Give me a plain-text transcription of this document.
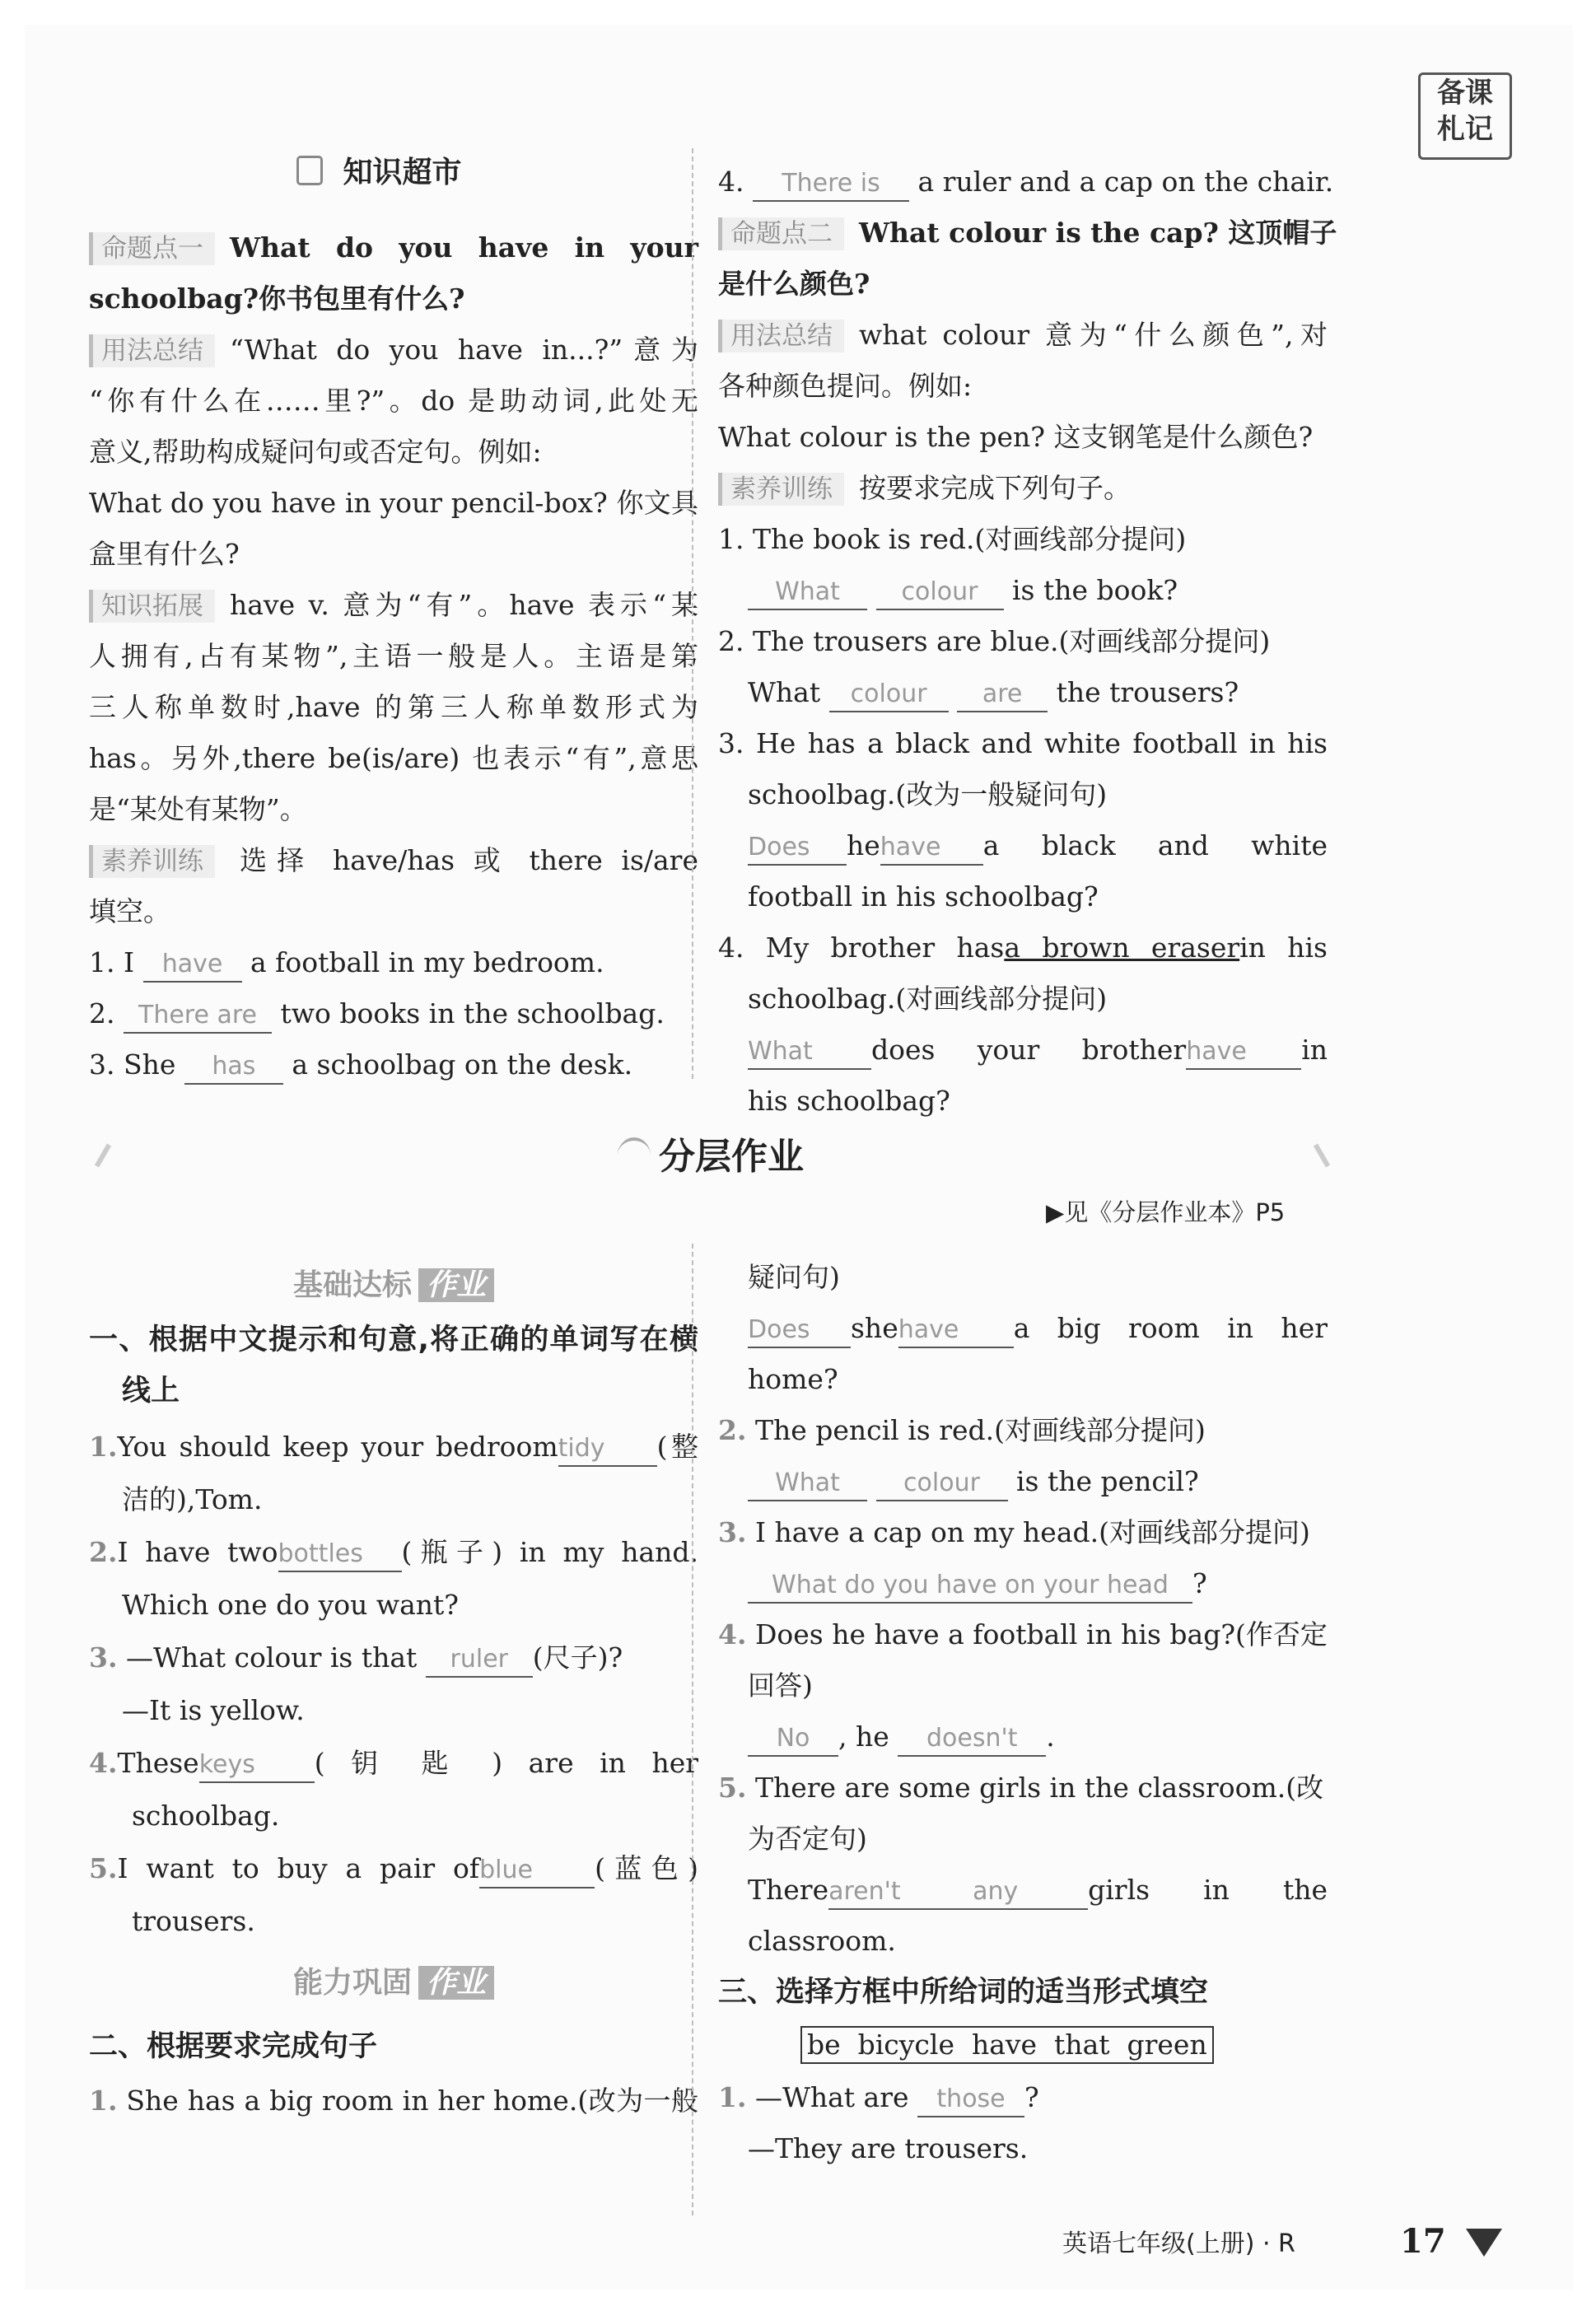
备课
札记
知识超市
命题点一 What do you have in your
schoolbag?你书包里有什么?
用法总结 “What do you have in...?”意为
“你有什么在……里?”。do 是助动词,此处无
意义,帮助构成疑问句或否定句。例如:
What do you have in your pencil-box? 你文具
盒里有什么?
知识拓展 have v. 意为“有”。have 表示“某
人拥有,占有某物”,主语一般是人。主语是第
三人称单数时,have 的第三人称单数形式为
has。另外,there be(is/are) 也表示“有”,意思
是“某处有某物”。
素养训练 选择 have/has 或 there is/are
填空。
1. I have a football in my bedroom.
2. There are two books in the schoolbag.
3. She has a schoolbag on the desk.
4. There is a ruler and a cap on the chair.
命题点二 What colour is the cap? 这顶帽子
是什么颜色?
用法总结 what colour 意为“什么颜色”,对
各种颜色提问。例如:
What colour is the pen? 这支钢笔是什么颜色?
素养训练 按要求完成下列句子。
1. The book is red.(对画线部分提问)
What colour is the book?
2. The trousers are blue.(对画线部分提问)
What colour are the trousers?
3. He has a black and white football in his
schoolbag.(改为一般疑问句)
Does hehave a black and white
football in his schoolbag?
4. My brother hasa brown eraserin his
schoolbag.(对画线部分提问)
What does your brotherhave in
his schoolbag?
分层作业
▶见《分层作业本》P5
基础达标 作业
一、根据中文提示和句意,将正确的单词写在横
线上
1.You should keep your bedroomtidy (整
洁的),Tom.
2.I have twobottles (瓶子) in my hand.
Which one do you want?
3. —What colour is that ruler (尺子)?
—It is yellow.
4.Thesekeys ( 钥 匙 ) are in her
schoolbag.
5.I want to buy a pair ofblue (蓝色)
trousers.
能力巩固 作业
二、根据要求完成句子
1. She has a big room in her home.(改为一般
疑问句)
Does shehave a big room in her
home?
2. The pencil is red.(对画线部分提问)
What	colour is the pencil?
3. I have a cap on my head.(对画线部分提问)
What do you have on your head ?
4. Does he have a football in his bag?(作否定
回答)
No , he doesn't .
5. There are some girls in the classroom.(改
为否定句)
Therearen't	any	girls in the
classroom.
三、选择方框中所给词的适当形式填空
be  bicycle  have  that  green
1. —What are those ?
—They are trousers.
英语七年级(上册) · R	17
